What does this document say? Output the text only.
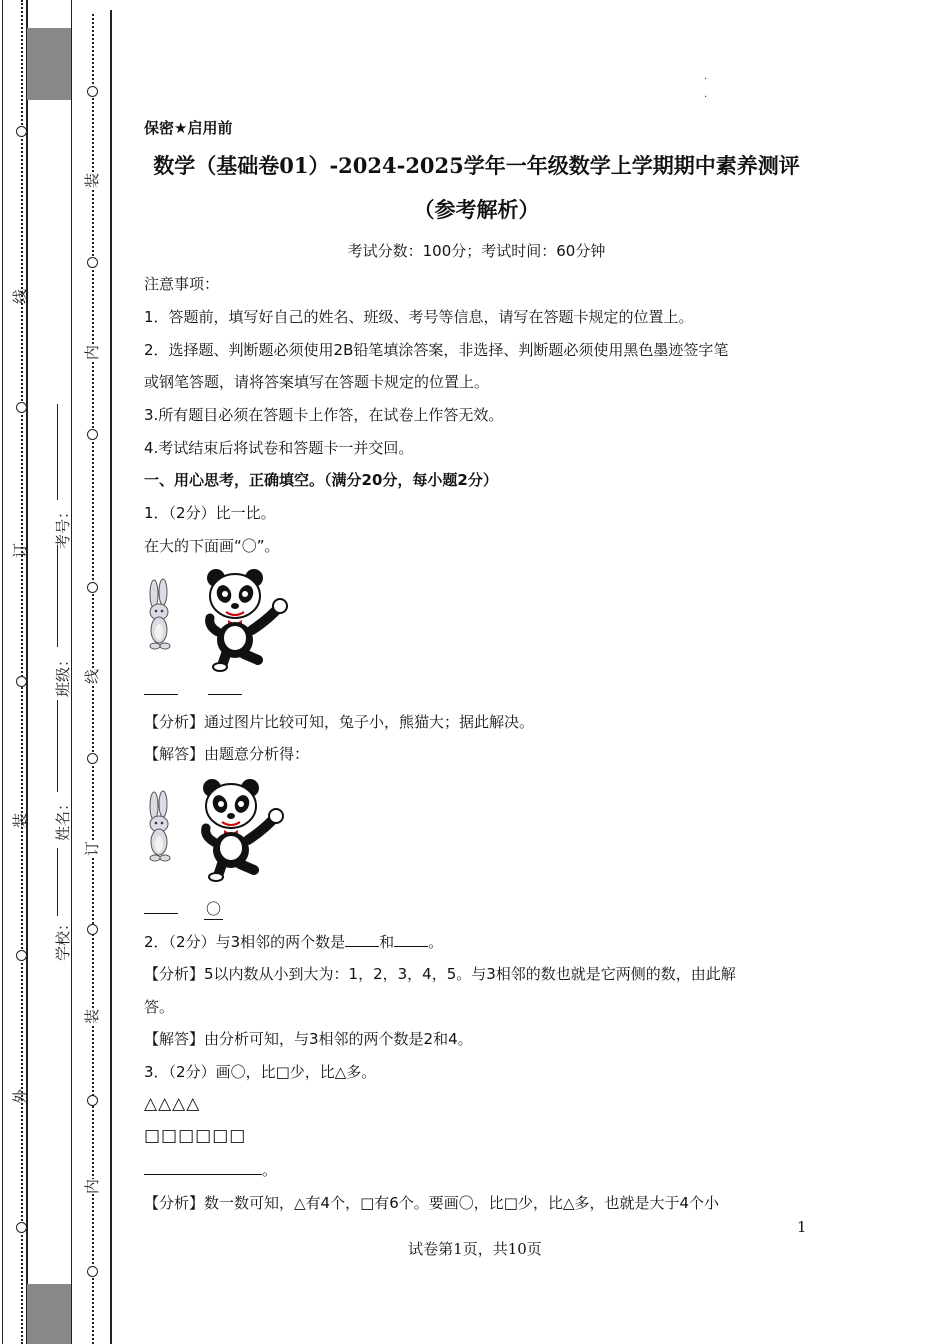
线
订
装
外
考号：
班级：
姓名：
学校：
装
内
线
订
装
内
·
·
保密★启用前
数学（基础卷01）-2024-2025学年一年级数学上学期期中素养测评
（参考解析）
考试分数：100分；考试时间：60分钟
注意事项：
1．答题前，填写好自己的姓名、班级、考号等信息，请写在答题卡规定的位置上。
2．选择题、判断题必须使用2B铅笔填涂答案，非选择、判断题必须使用黑色墨迹签字笔
或钢笔答题，请将答案填写在答题卡规定的位置上。
3.所有题目必须在答题卡上作答，在试卷上作答无效。
4.考试结束后将试卷和答题卡一并交回。
一、用心思考，正确填空。（满分20分，每小题2分）
1．（2分）比一比。
在大的下面画“〇”。
【分析】通过图片比较可知，兔子小，熊猫大；据此解决。
【解答】由题意分析得：
〇
2．（2分）与3相邻的两个数是 和 。
【分析】5以内数从小到大为：1，2，3，4，5。与3相邻的数也就是它两侧的数，由此解
答。
【解答】由分析可知，与3相邻的两个数是2和4。
3．（2分）画〇，比□少，比△多。
△△△△
□□□□□□
。
【分析】数一数可知，△有4个，□有6个。要画〇，比□少，比△多，也就是大于4个小
1
试卷第1页，共10页
